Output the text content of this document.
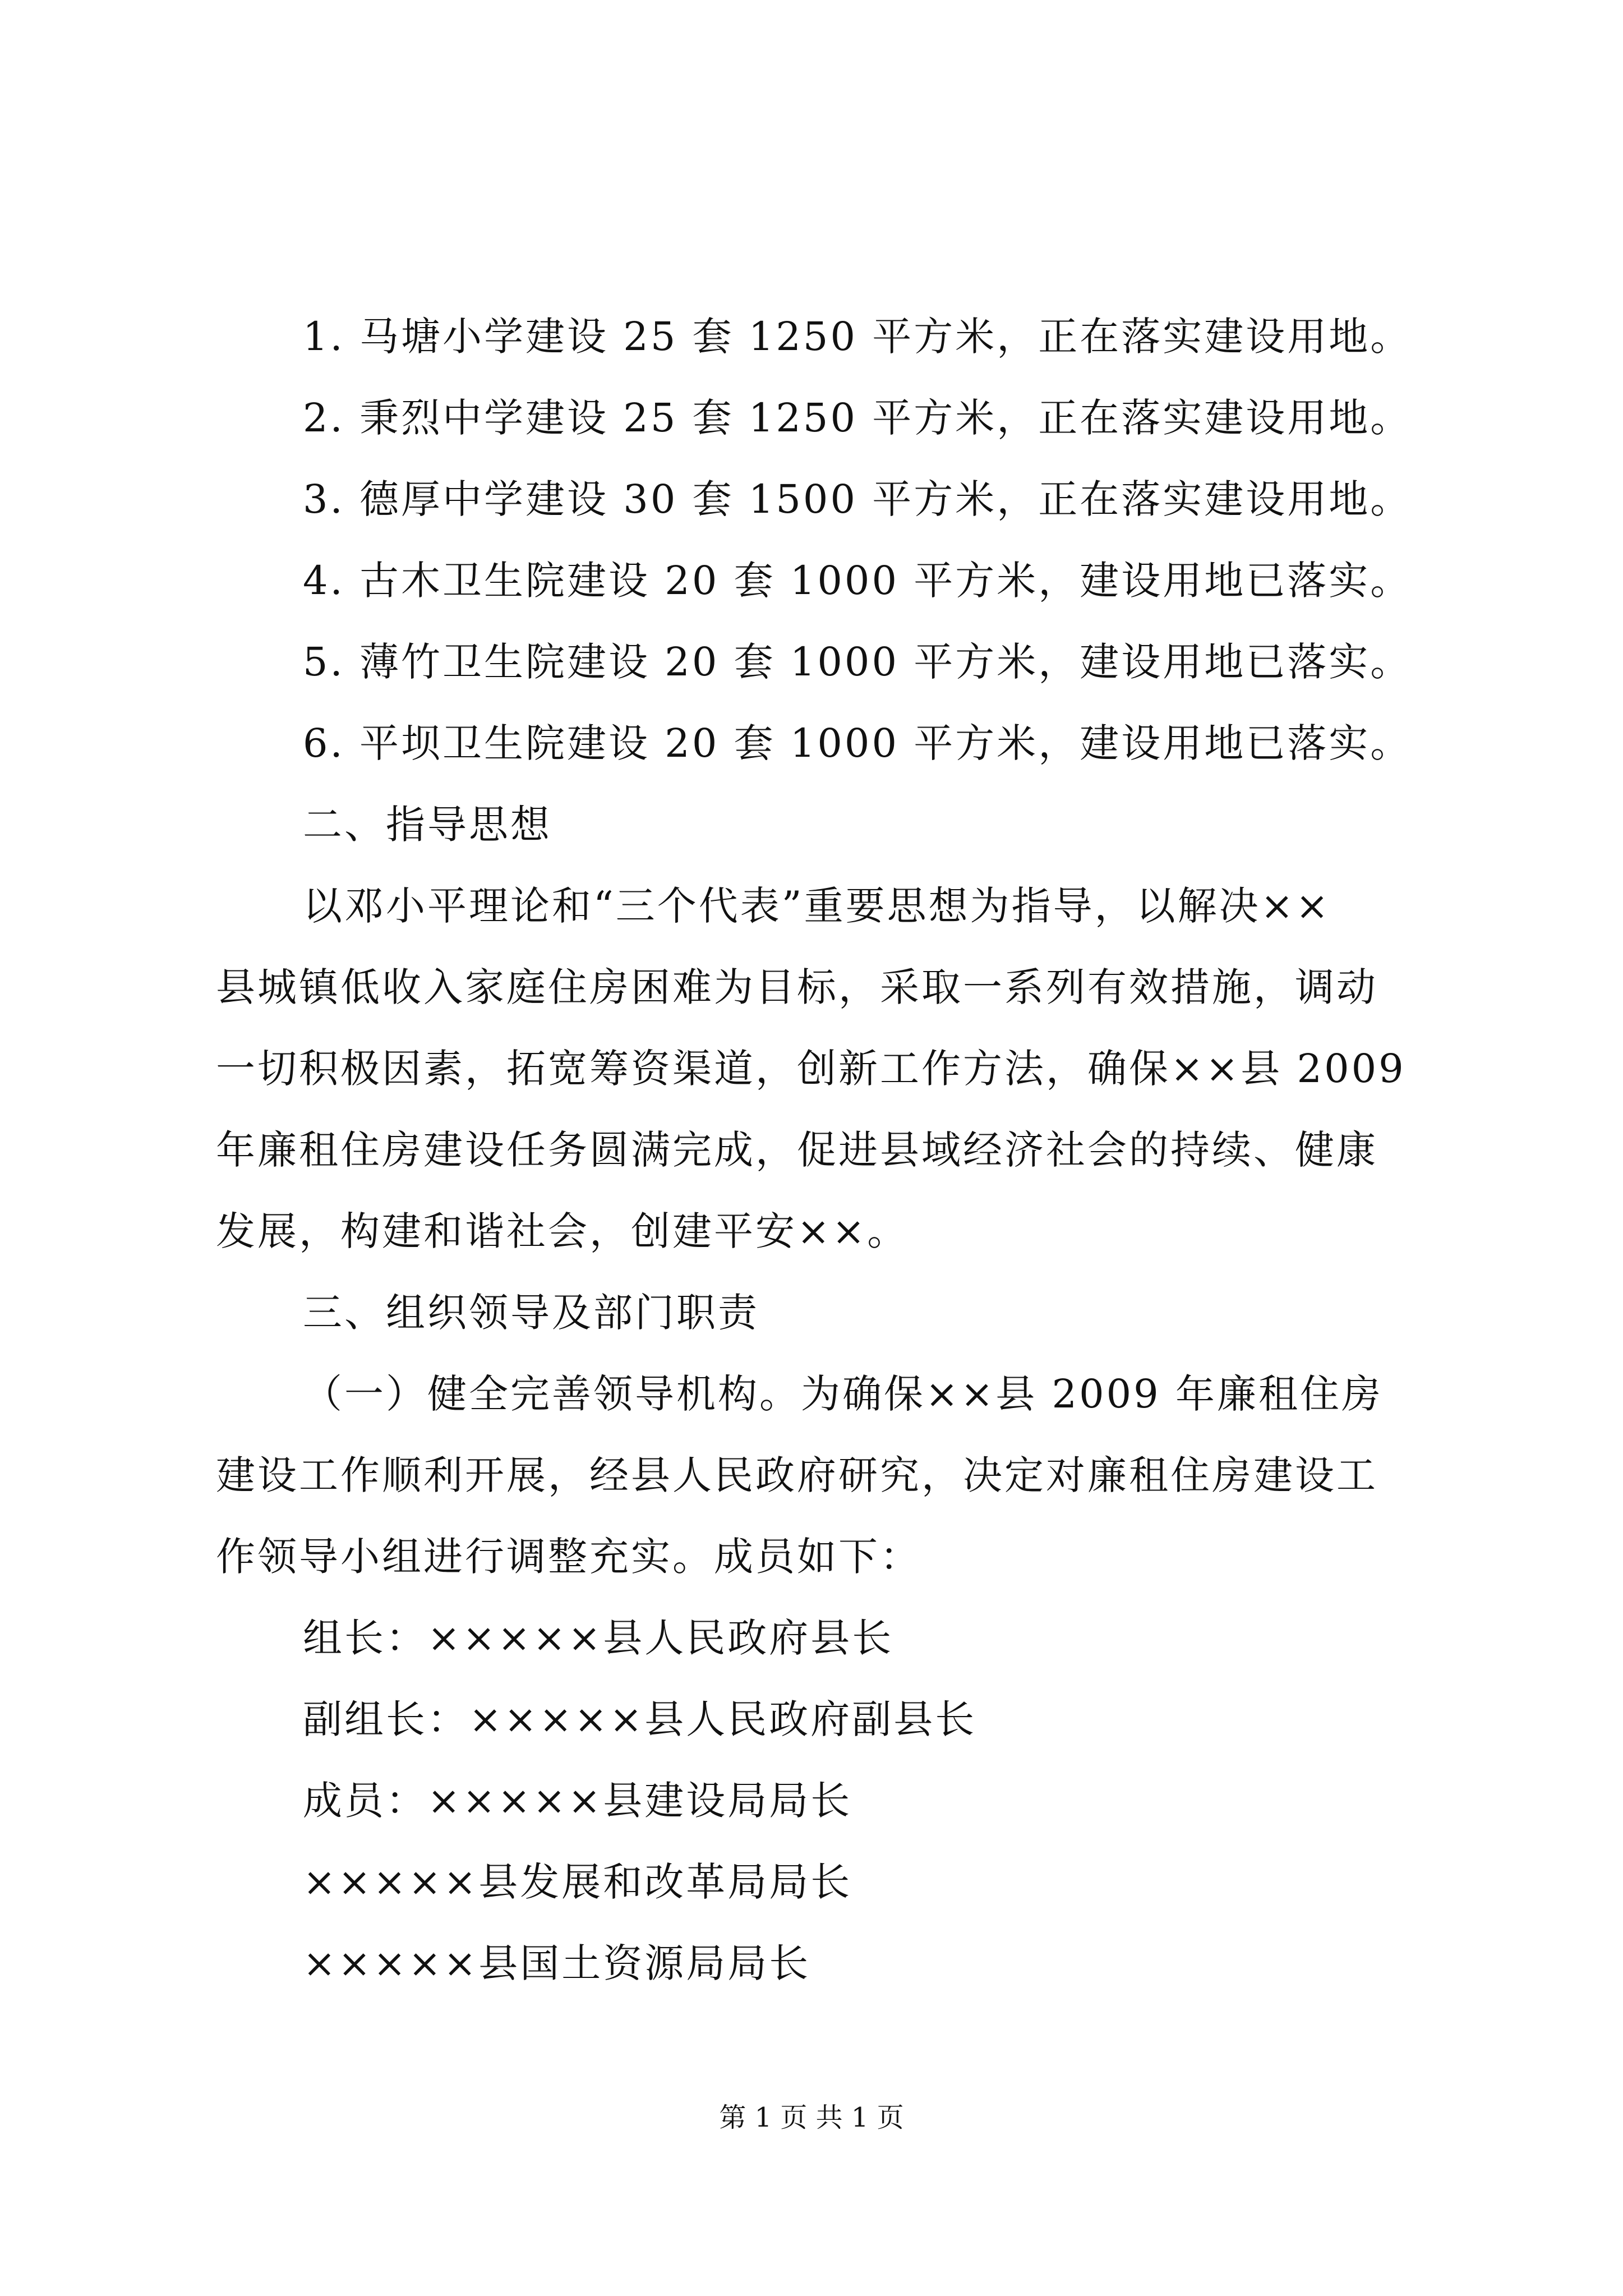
1. 马塘小学建设 25 套 1250 平方米，正在落实建设用地。
2. 秉烈中学建设 25 套 1250 平方米，正在落实建设用地。
3. 德厚中学建设 30 套 1500 平方米，正在落实建设用地。
4. 古木卫生院建设 20 套 1000 平方米，建设用地已落实。
5. 薄竹卫生院建设 20 套 1000 平方米，建设用地已落实。
6. 平坝卫生院建设 20 套 1000 平方米，建设用地已落实。
二、指导思想
以邓小平理论和“三个代表”重要思想为指导，以解决××
县城镇低收入家庭住房困难为目标，采取一系列有效措施，调动
一切积极因素，拓宽筹资渠道，创新工作方法，确保××县 2009
年廉租住房建设任务圆满完成，促进县域经济社会的持续、健康
发展，构建和谐社会，创建平安××。
三、组织领导及部门职责
（一）健全完善领导机构。为确保××县 2009 年廉租住房
建设工作顺利开展，经县人民政府研究，决定对廉租住房建设工
作领导小组进行调整充实。成员如下：
组长：×××××县人民政府县长
副组长：×××××县人民政府副县长
成员：×××××县建设局局长
×××××县发展和改革局局长
×××××县国土资源局局长
第 1 页 共 1 页
